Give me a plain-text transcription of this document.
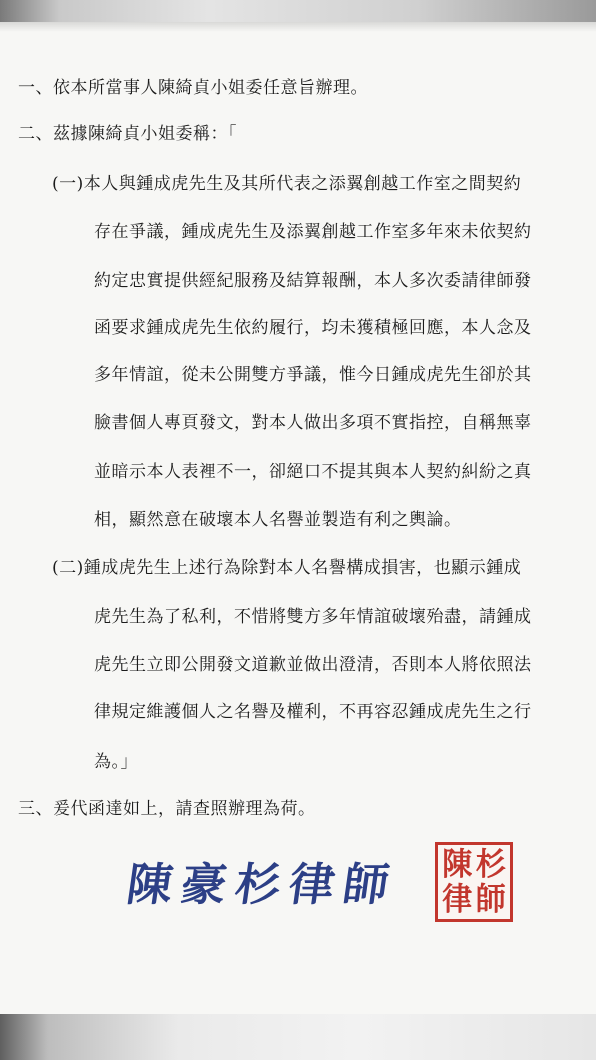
一、依本所當事人陳綺貞小姐委任意旨辦理。
二、茲據陳綺貞小姐委稱：「
(一)本人與鍾成虎先生及其所代表之添翼創越工作室之間契約
存在爭議，鍾成虎先生及添翼創越工作室多年來未依契約
約定忠實提供經紀服務及結算報酬，本人多次委請律師發
函要求鍾成虎先生依約履行，均未獲積極回應，本人念及
多年情誼，從未公開雙方爭議，惟今日鍾成虎先生卻於其
臉書個人專頁發文，對本人做出多項不實指控，自稱無辜
並暗示本人表裡不一，卻絕口不提其與本人契約糾紛之真
相，顯然意在破壞本人名譽並製造有利之輿論。
(二)鍾成虎先生上述行為除對本人名譽構成損害，也顯示鍾成
虎先生為了私利，不惜將雙方多年情誼破壞殆盡，請鍾成
虎先生立即公開發文道歉並做出澄清，否則本人將依照法
律規定維護個人之名譽及權利，不再容忍鍾成虎先生之行
為。」
三、爰代函達如上，請查照辦理為荷。
陳豪杉律師 陳 杉
律 師
